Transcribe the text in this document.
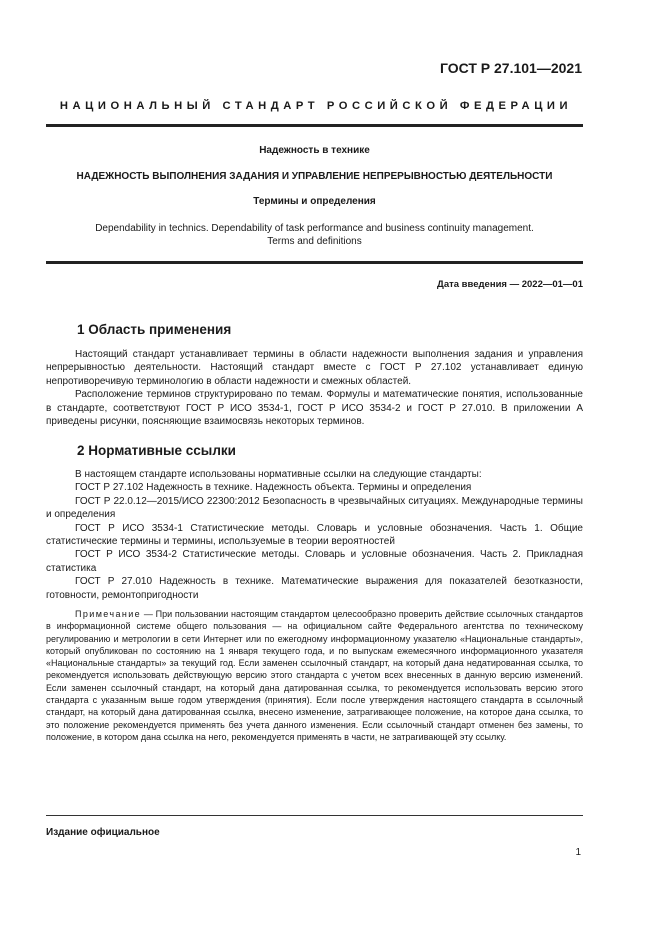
ГОСТ Р 27.101—2021
НАЦИОНАЛЬНЫЙ СТАНДАРТ РОССИЙСКОЙ ФЕДЕРАЦИИ
Надежность в технике
НАДЕЖНОСТЬ ВЫПОЛНЕНИЯ ЗАДАНИЯ И УПРАВЛЕНИЕ НЕПРЕРЫВНОСТЬЮ ДЕЯТЕЛЬНОСТИ
Термины и определения
Dependability in technics. Dependability of task performance and business continuity management.
Terms and definitions
Дата введения — 2022—01—01
1 Область применения
Настоящий стандарт устанавливает термины в области надежности выполнения задания и управления непрерывностью деятельности. Настоящий стандарт вместе с ГОСТ Р 27.102 устанавливает единую непротиворечивую терминологию в области надежности и смежных областей.
Расположение терминов структурировано по темам. Формулы и математические понятия, использованные в стандарте, соответствуют ГОСТ Р ИСО 3534-1, ГОСТ Р ИСО 3534-2 и ГОСТ Р 27.010. В приложении А приведены рисунки, поясняющие взаимосвязь некоторых терминов.
2 Нормативные ссылки
В настоящем стандарте использованы нормативные ссылки на следующие стандарты:
ГОСТ Р 27.102 Надежность в технике. Надежность объекта. Термины и определения
ГОСТ Р 22.0.12—2015/ИСО 22300:2012 Безопасность в чрезвычайных ситуациях. Международные термины и определения
ГОСТ Р ИСО 3534-1 Статистические методы. Словарь и условные обозначения. Часть 1. Общие статистические термины и термины, используемые в теории вероятностей
ГОСТ Р ИСО 3534-2 Статистические методы. Словарь и условные обозначения. Часть 2. Прикладная статистика
ГОСТ Р 27.010 Надежность в технике. Математические выражения для показателей безотказности, готовности, ремонтопригодности
Примечание — При пользовании настоящим стандартом целесообразно проверить действие ссылочных стандартов в информационной системе общего пользования — на официальном сайте Федерального агентства по техническому регулированию и метрологии в сети Интернет или по ежегодному информационному указателю «Национальные стандарты», который опубликован по состоянию на 1 января текущего года, и по выпускам ежемесячного информационного указателя «Национальные стандарты» за текущий год. Если заменен ссылочный стандарт, на который дана недатированная ссылка, то рекомендуется использовать действующую версию этого стандарта с учетом всех внесенных в данную версию изменений. Если заменен ссылочный стандарт, на который дана датированная ссылка, то рекомендуется использовать версию этого стандарта с указанным выше годом утверждения (принятия). Если после утверждения настоящего стандарта в ссылочный стандарт, на который дана датированная ссылка, внесено изменение, затрагивающее положение, на которое дана ссылка, то это положение рекомендуется применять без учета данного изменения. Если ссылочный стандарт отменен без замены, то положение, в котором дана ссылка на него, рекомендуется применять в части, не затрагивающей эту ссылку.
Издание официальное
1
